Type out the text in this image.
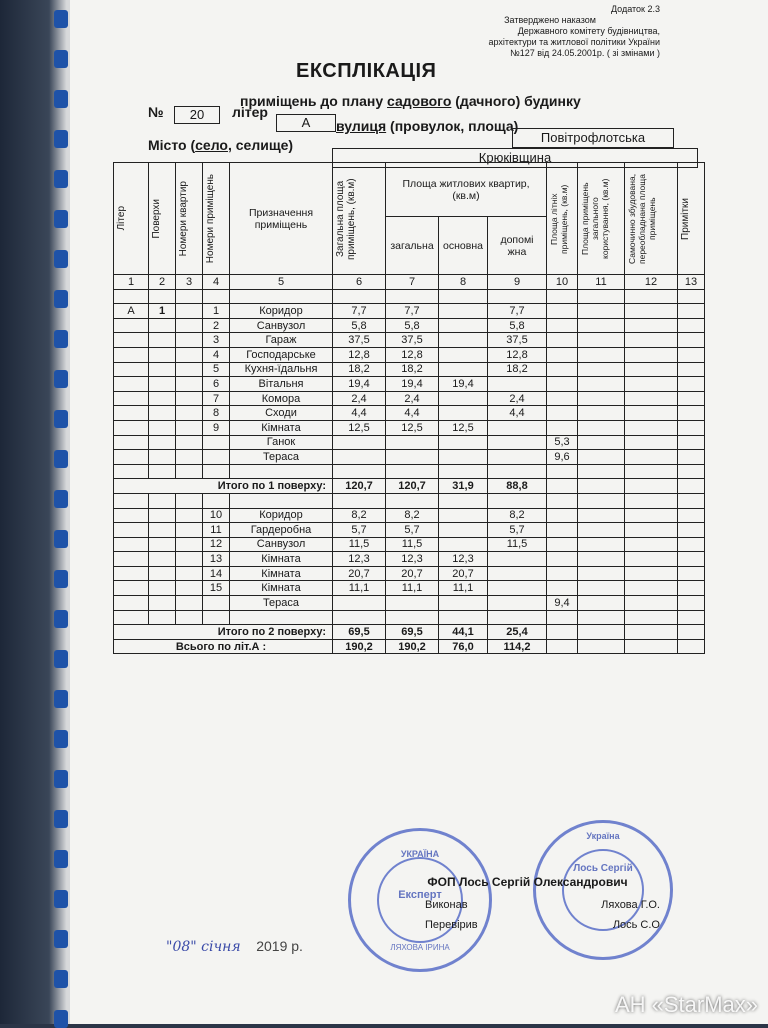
Додаток 2.3
Затверджено наказом
Державного комітету будівництва,
архітектури та житлової політики України
№127 від 24.05.2001р. ( зі змінами )
ЕКСПЛІКАЦІЯ
приміщень до плану садового (дачного) будинку
№	20	літер
А	вулиця (провулок, площа)
Повітрофлотська
Місто (село, селище)
Крюківщина
Літер	Поверхи	Номери квартир	Номери приміщень	Призначення приміщень	Загальна площа приміщень, (кв.м)	Площа житлових квартир, (кв.м)			Площа літніх приміщень, (кв.м)	Площа приміщень загального користування, (кв.м)	Самочинно збудована, переобладнана площа приміщень	Примітки

						загальна	основна	допомі жна				
1	2	3	4	5	6	7	8	9	10	11	12	13

А	1		1	Коридор	7,7	7,7		7,7				
			2	Санвузол	5,8	5,8		5,8				
			3	Гараж	37,5	37,5		37,5				
			4	Господарське	12,8	12,8		12,8				
			5	Кухня-їдальня	18,2	18,2		18,2				
			6	Вітальня	19,4	19,4	19,4					
			7	Комора	2,4	2,4		2,4				
			8	Сходи	4,4	4,4		4,4				
			9	Кімната	12,5	12,5	12,5					
				Ганок					5,3			
				Тераса					9,6			

Итого по 1 поверху:					120,7	120,7	31,9	88,8				

			10	Коридор	8,2	8,2		8,2				
			11	Гардеробна	5,7	5,7		5,7				
			12	Санвузол	11,5	11,5		11,5				
			13	Кімната	12,3	12,3	12,3					
			14	Кімната	20,7	20,7	20,7					
			15	Кімната	11,1	11,1	11,1					
				Тераса					9,4			

Итого по 2 поверху:					69,5	69,5	44,1	25,4				
Всього по літ.А :					190,2	190,2	76,0	114,2				
УКРАЇНА
Експерт
ЛЯХОВА ІРИНА
Україна
Лось Сергій
ФОП Лось Сергій Олександрович
Виконав	Ляхова Г.О.
Перевірив	Лось С.О
"08" січня 2019 р.
АН «StarMax»
